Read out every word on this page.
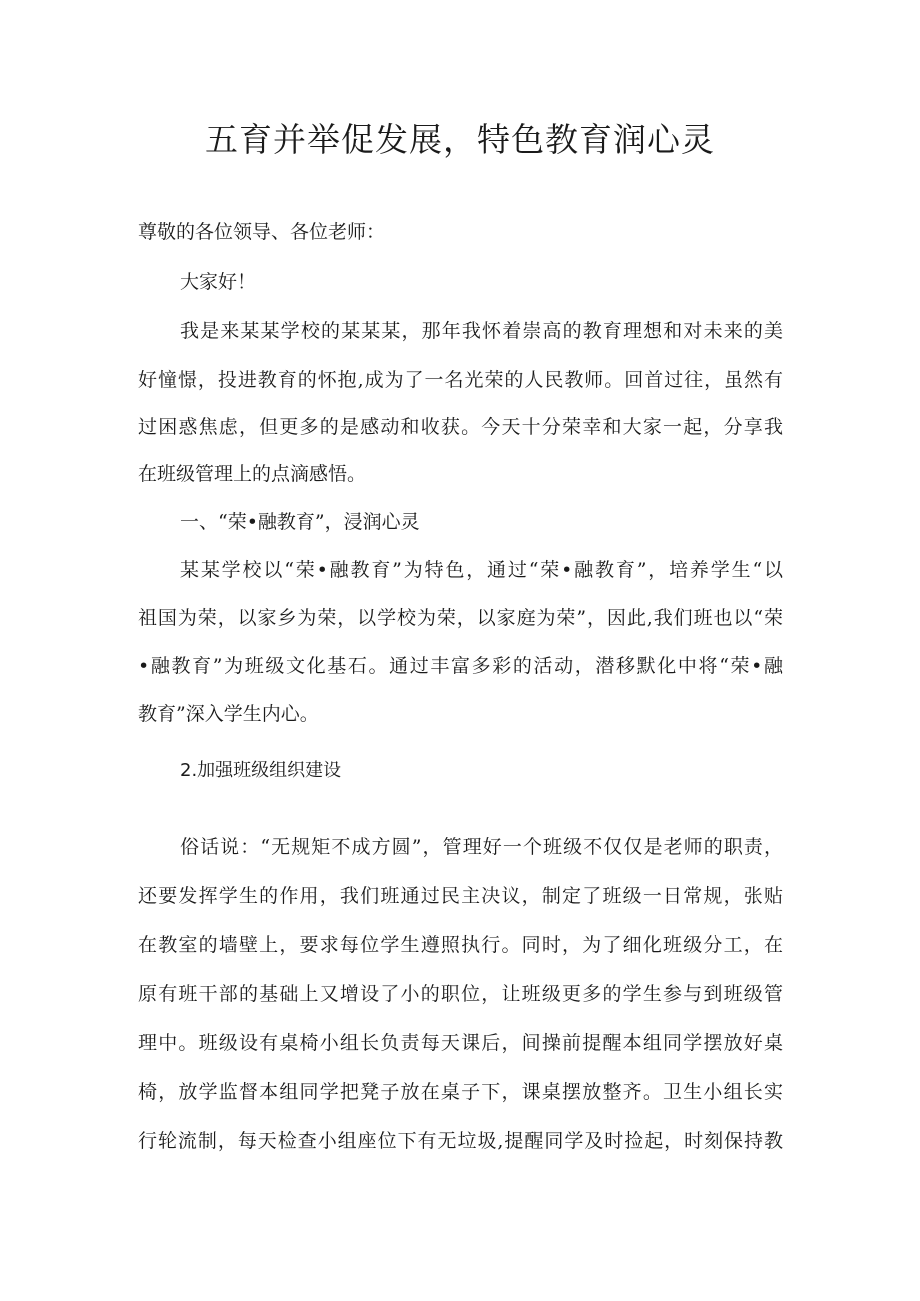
五育并举促发展，特色教育润心灵

尊敬的各位领导、各位老师：

大家好！

我是来某某学校的某某某，那年我怀着崇高的教育理想和对未来的美

好憧憬，投进教育的怀抱,成为了一名光荣的人民教师。回首过往，虽然有

过困惑焦虑，但更多的是感动和收获。今天十分荣幸和大家一起，分享我

在班级管理上的点滴感悟。

一、“荣•融教育”，浸润心灵

某某学校以“荣•融教育”为特色，通过“荣•融教育”，培养学生“以

祖国为荣，以家乡为荣，以学校为荣，以家庭为荣”，因此,我们班也以“荣

•融教育”为班级文化基石。通过丰富多彩的活动，潜移默化中将“荣•融

教育”深入学生内心。

2.加强班级组织建设

俗话说：“无规矩不成方圆”，管理好一个班级不仅仅是老师的职责，

还要发挥学生的作用，我们班通过民主决议，制定了班级一日常规，张贴

在教室的墙壁上，要求每位学生遵照执行。同时，为了细化班级分工，在

原有班干部的基础上又增设了小的职位，让班级更多的学生参与到班级管

理中。班级设有桌椅小组长负责每天课后，间操前提醒本组同学摆放好桌

椅，放学监督本组同学把凳子放在桌子下，课桌摆放整齐。卫生小组长实

行轮流制，每天检查小组座位下有无垃圾,提醒同学及时捡起，时刻保持教
